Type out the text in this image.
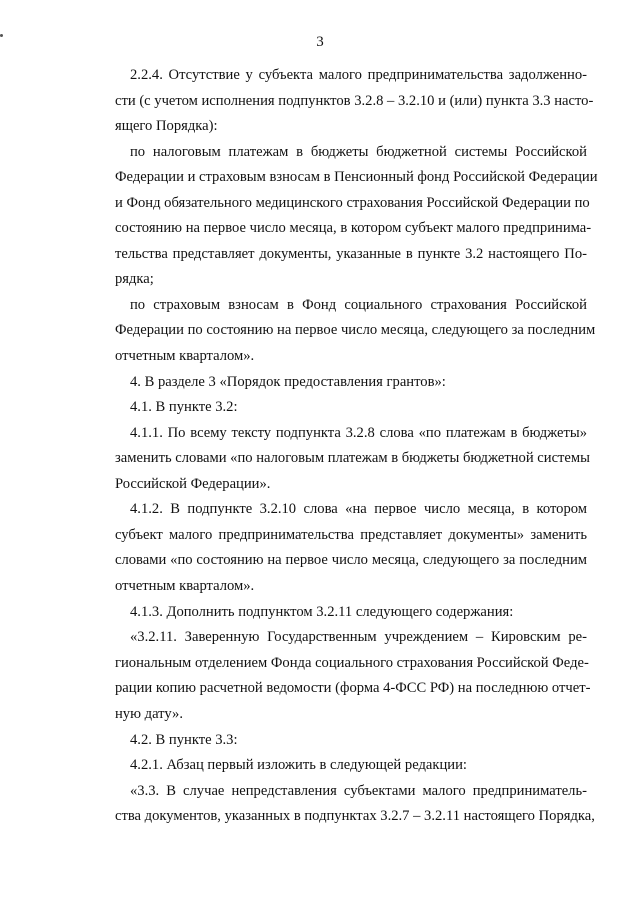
3
2.2.4. Отсутствие у субъекта малого предпринимательства задолженно-
сти (с учетом исполнения подпунктов 3.2.8 – 3.2.10 и (или) пункта 3.3 насто-
ящего Порядка):
по налоговым платежам в бюджеты бюджетной системы Российской
Федерации и страховым взносам в Пенсионный фонд Российской Федерации
и Фонд обязательного медицинского страхования Российской Федерации по
состоянию на первое число месяца, в котором субъект малого предпринима-
тельства представляет документы, указанные в пункте 3.2 настоящего По-
рядка;
по страховым взносам в Фонд социального страхования Российской
Федерации по состоянию на первое число месяца, следующего за последним
отчетным кварталом».
4. В разделе 3 «Порядок предоставления грантов»:
4.1. В пункте 3.2:
4.1.1. По всему тексту подпункта 3.2.8 слова «по платежам в бюджеты»
заменить словами «по налоговым платежам в бюджеты бюджетной системы
Российской Федерации».
4.1.2. В подпункте 3.2.10 слова «на первое число месяца, в котором
субъект малого предпринимательства представляет документы» заменить
словами «по состоянию на первое число месяца, следующего за последним
отчетным кварталом».
4.1.3. Дополнить подпунктом 3.2.11 следующего содержания:
«3.2.11. Заверенную Государственным учреждением – Кировским ре-
гиональным отделением Фонда социального страхования Российской Феде-
рации копию расчетной ведомости (форма 4-ФСС РФ) на последнюю отчет-
ную дату».
4.2. В пункте 3.3:
4.2.1. Абзац первый изложить в следующей редакции:
«3.3. В случае непредставления субъектами малого предприниматель-
ства документов, указанных в подпунктах 3.2.7 – 3.2.11 настоящего Порядка,
